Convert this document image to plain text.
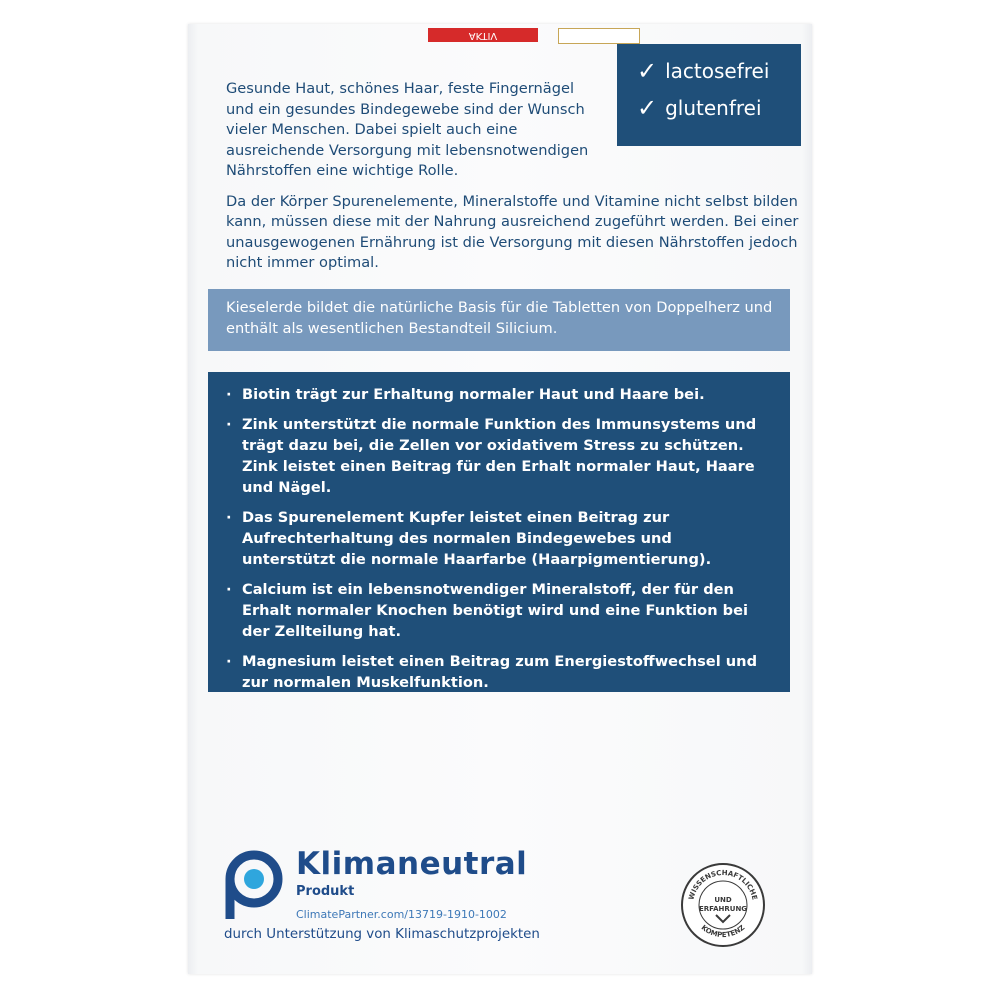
AKTIV
✓ lactosefrei
✓ glutenfrei

Gesunde Haut, schönes Haar, feste Fingernägel und ein gesundes Bindegewebe sind der Wunsch vieler Menschen. Dabei spielt auch eine ausreichende Versorgung mit lebensnotwendigen Nährstoffen eine wichtige Rolle.

Da der Körper Spurenelemente, Mineralstoffe und Vitamine nicht selbst bilden kann, müssen diese mit der Nahrung ausreichend zugeführt werden. Bei einer unausgewogenen Ernährung ist die Versorgung mit diesen Nährstoffen jedoch nicht immer optimal.

Kieselerde bildet die natürliche Basis für die Tabletten von Doppelherz und enthält als wesentlichen Bestandteil Silicium.
· Biotin trägt zur Erhaltung normaler Haut und Haare bei.
· Zink unterstützt die normale Funktion des Immunsystems und trägt dazu bei, die Zellen vor oxidativem Stress zu schützen. Zink leistet einen Beitrag für den Erhalt normaler Haut, Haare und Nägel.
· Das Spurenelement Kupfer leistet einen Beitrag zur Aufrechterhaltung des normalen Bindegewebes und unterstützt die normale Haarfarbe (Haarpigmentierung).
· Calcium ist ein lebensnotwendiger Mineralstoff, der für den Erhalt normaler Knochen benötigt wird und eine Funktion bei der Zellteilung hat.
· Magnesium leistet einen Beitrag zum Energiestoffwechsel und zur normalen Muskelfunktion.
Klimaneutral
Produkt
ClimatePartner.com/13719-1910-1002
durch Unterstützung von Klimaschutzprojekten
WISSENSCHAFTLICHE
KOMPETENZ
UND
ERFAHRUNG
